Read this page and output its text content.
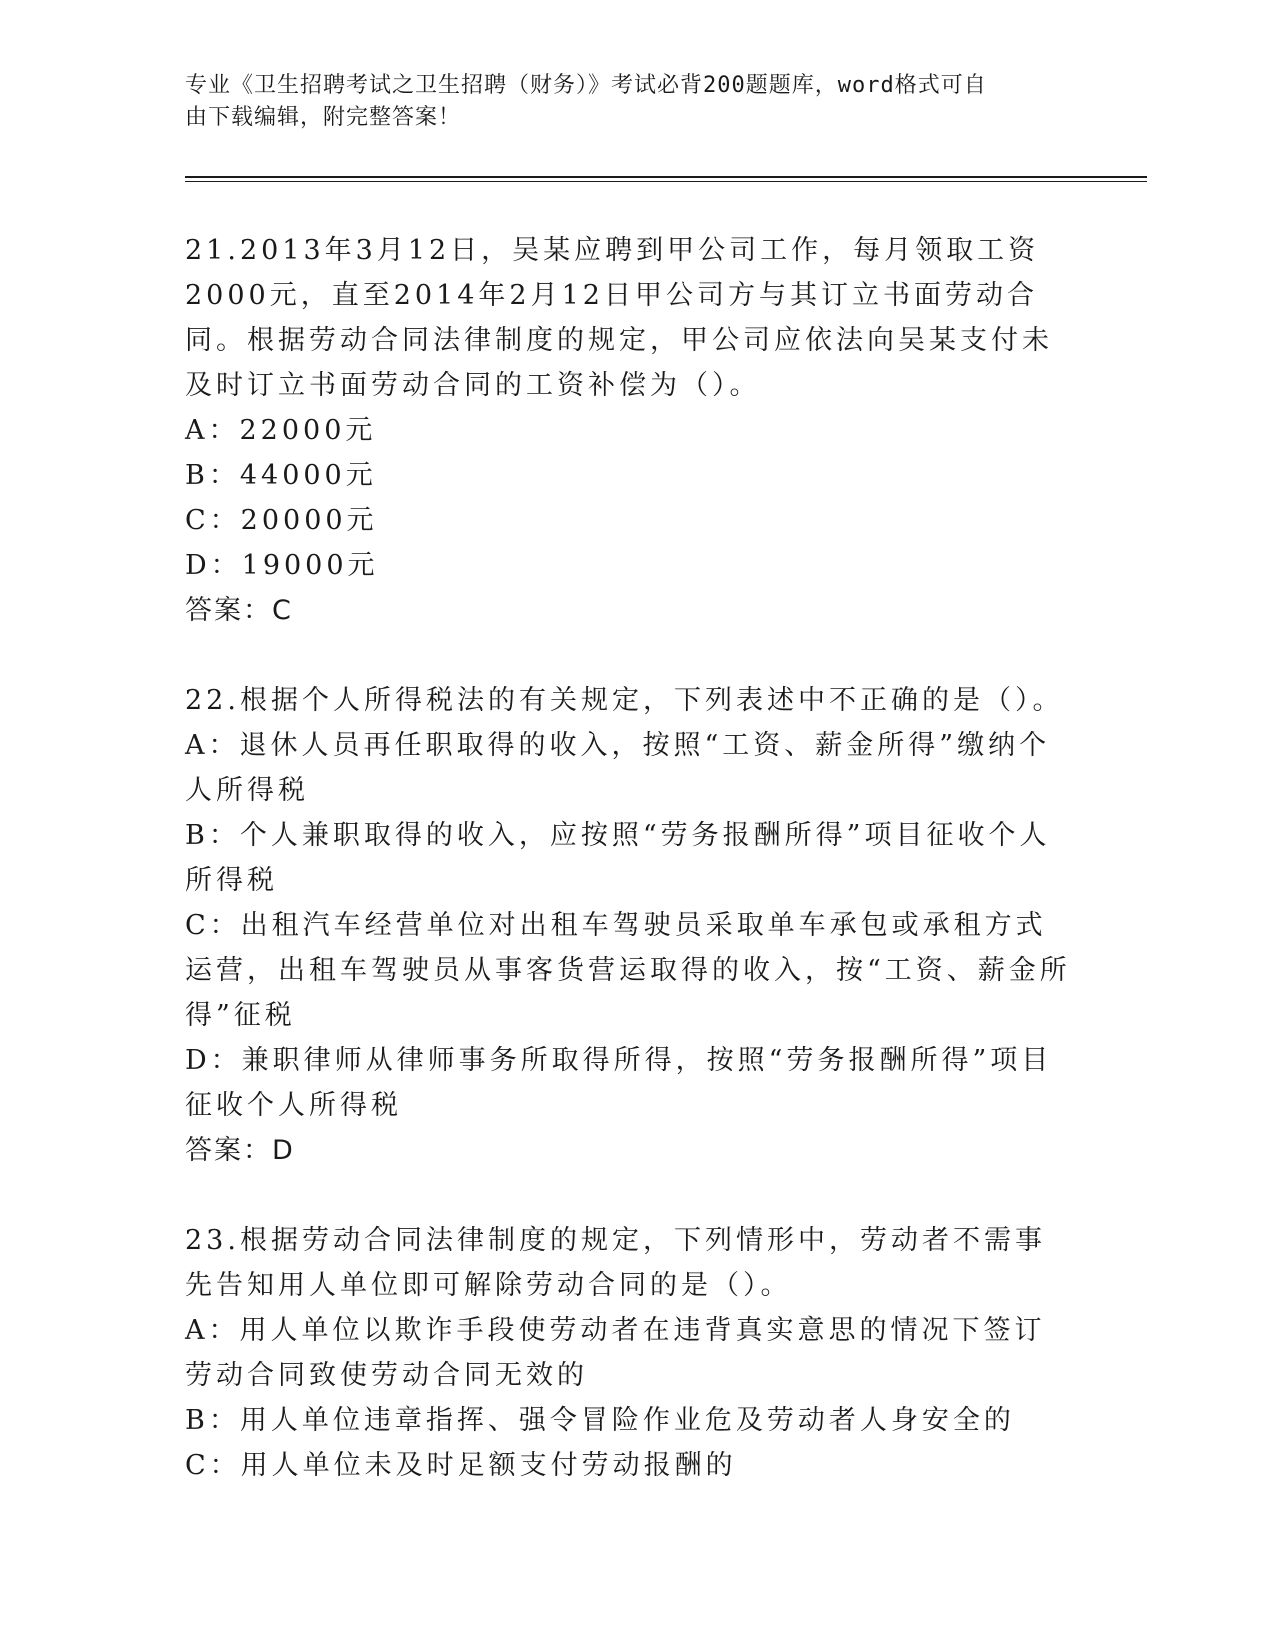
专业《卫生招聘考试之卫生招聘（财务）》考试必背200题题库，word格式可自
由下载编辑，附完整答案！
21.2013年3月12日，吴某应聘到甲公司工作，每月领取工资2000元，直至2014年2月12日甲公司方与其订立书面劳动合同。根据劳动合同法律制度的规定，甲公司应依法向吴某支付未及时订立书面劳动合同的工资补偿为（）。
A：22000元
B：44000元
C：20000元
D：19000元
答案：C
22.根据个人所得税法的有关规定，下列表述中不正确的是（）。
A：退休人员再任职取得的收入，按照“工资、薪金所得”缴纳个人所得税
B：个人兼职取得的收入，应按照“劳务报酬所得”项目征收个人所得税
C：出租汽车经营单位对出租车驾驶员采取单车承包或承租方式运营，出租车驾驶员从事客货营运取得的收入，按“工资、薪金所得”征税
D：兼职律师从律师事务所取得所得，按照“劳务报酬所得”项目征收个人所得税
答案：D
23.根据劳动合同法律制度的规定，下列情形中，劳动者不需事先告知用人单位即可解除劳动合同的是（）。
A：用人单位以欺诈手段使劳动者在违背真实意思的情况下签订劳动合同致使劳动合同无效的
B：用人单位违章指挥、强令冒险作业危及劳动者人身安全的
C：用人单位未及时足额支付劳动报酬的
